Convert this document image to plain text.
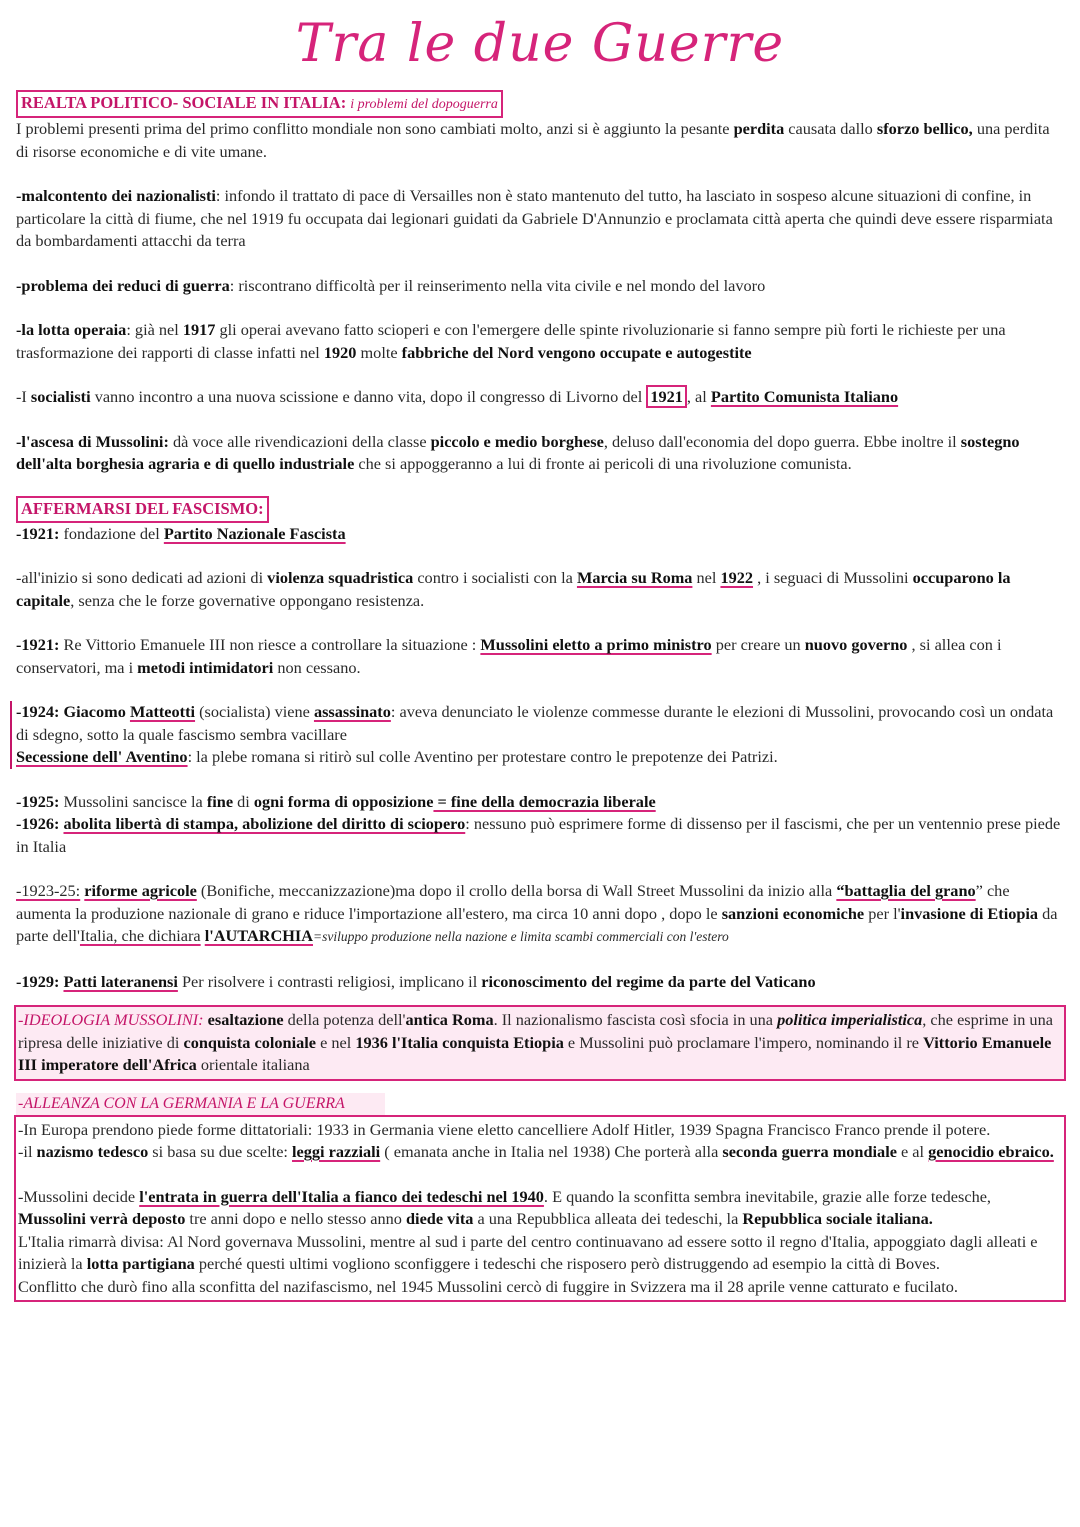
Tra le due Guerre
REALTA POLITICO- SOCIALE IN ITALIA: i problemi del dopoguerra

I problemi presenti prima del primo conflitto mondiale non sono cambiati molto, anzi si è aggiunto la pesante perdita causata dallo sforzo bellico, una perdita di risorse economiche e di vite umane.

-malcontento dei nazionalisti: infondo il trattato di pace di Versailles non è stato mantenuto del tutto, ha lasciato in sospeso alcune situazioni di confine, in particolare la città di fiume, che nel 1919 fu occupata dai legionari guidati da Gabriele D'Annunzio e proclamata città aperta che quindi deve essere risparmiata da bombardamenti attacchi da terra

-problema dei reduci di guerra: riscontrano difficoltà per il reinserimento nella vita civile e nel mondo del lavoro

-la lotta operaia: già nel 1917 gli operai avevano fatto scioperi e con l'emergere delle spinte rivoluzionarie si fanno sempre più forti le richieste per una trasformazione dei rapporti di classe infatti nel 1920 molte fabbriche del Nord vengono occupate e autogestite

-I socialisti vanno incontro a una nuova scissione e danno vita, dopo il congresso di Livorno del 1921 , al Partito Comunista Italiano

-l'ascesa di Mussolini: dà voce alle rivendicazioni della classe piccolo e medio borghese, deluso dall'economia del dopo guerra. Ebbe inoltre il sostegno dell'alta borghesia agraria e di quello industriale che si appoggeranno a lui di fronte ai pericoli di una rivoluzione comunista.

AFFERMARSI DEL FASCISMO:

-1921: fondazione del Partito Nazionale Fascista

-all'inizio si sono dedicati ad azioni di violenza squadristica contro i socialisti con la Marcia su Roma nel 1922 , i seguaci di Mussolini occuparono la capitale, senza che le forze governative oppongano resistenza.

-1921: Re Vittorio Emanuele III non riesce a controllare la situazione : Mussolini eletto a primo ministro per creare un nuovo governo , si allea con i conservatori, ma i metodi intimidatori non cessano.

-1924: Giacomo Matteotti (socialista) viene assassinato: aveva denunciato le violenze commesse durante le elezioni di Mussolini, provocando così un ondata di sdegno, sotto la quale fascismo sembra vacillare

Secessione dell' Aventino: la plebe romana si ritirò sul colle Aventino per protestare contro le prepotenze dei Patrizi.

-1925: Mussolini sancisce la fine di ogni forma di opposizione = fine della democrazia liberale

-1926: abolita libertà di stampa, abolizione del diritto di sciopero: nessuno può esprimere forme di dissenso per il fascismi, che per un ventennio prese piede in Italia

-1923-25: riforme agricole (Bonifiche, meccanizzazione)ma dopo il crollo della borsa di Wall Street Mussolini da inizio alla “battaglia del grano” che aumenta la produzione nazionale di grano e riduce l'importazione all'estero, ma circa 10 anni dopo , dopo le sanzioni economiche per l'invasione di Etiopia da parte dell'Italia, che dichiara l'AUTARCHIA=sviluppo produzione nella nazione e limita scambi commerciali con l'estero

-1929: Patti lateranensi Per risolvere i contrasti religiosi, implicano il riconoscimento del regime da parte del Vaticano

-IDEOLOGIA MUSSOLINI: esaltazione della potenza dell'antica Roma. Il nazionalismo fascista così sfocia in una politica imperialistica, che esprime in una ripresa delle iniziative di conquista coloniale e nel 1936 l'Italia conquista Etiopia e Mussolini può proclamare l'impero, nominando il re Vittorio Emanuele III imperatore dell'Africa orientale italiana

-ALLEANZA CON LA GERMANIA E LA GUERRA

-In Europa prendono piede forme dittatoriali: 1933 in Germania viene eletto cancelliere Adolf Hitler, 1939 Spagna Francisco Franco prende il potere.

-il nazismo tedesco si basa su due scelte: leggi razziali ( emanata anche in Italia nel 1938) Che porterà alla seconda guerra mondiale e al genocidio ebraico.

-Mussolini decide l'entrata in guerra dell'Italia a fianco dei tedeschi nel 1940. E quando la sconfitta sembra inevitabile, grazie alle forze tedesche, Mussolini verrà deposto tre anni dopo e nello stesso anno diede vita a una Repubblica alleata dei tedeschi, la Repubblica sociale italiana.

L'Italia rimarrà divisa: Al Nord governava Mussolini, mentre al sud i parte del centro continuavano ad essere sotto il regno d'Italia, appoggiato dagli alleati e inizierà la lotta partigiana perché questi ultimi vogliono sconfiggere i tedeschi che risposero però distruggendo ad esempio la città di Boves.

Conflitto che durò fino alla sconfitta del nazifascismo, nel 1945 Mussolini cercò di fuggire in Svizzera ma il 28 aprile venne catturato e fucilato.
